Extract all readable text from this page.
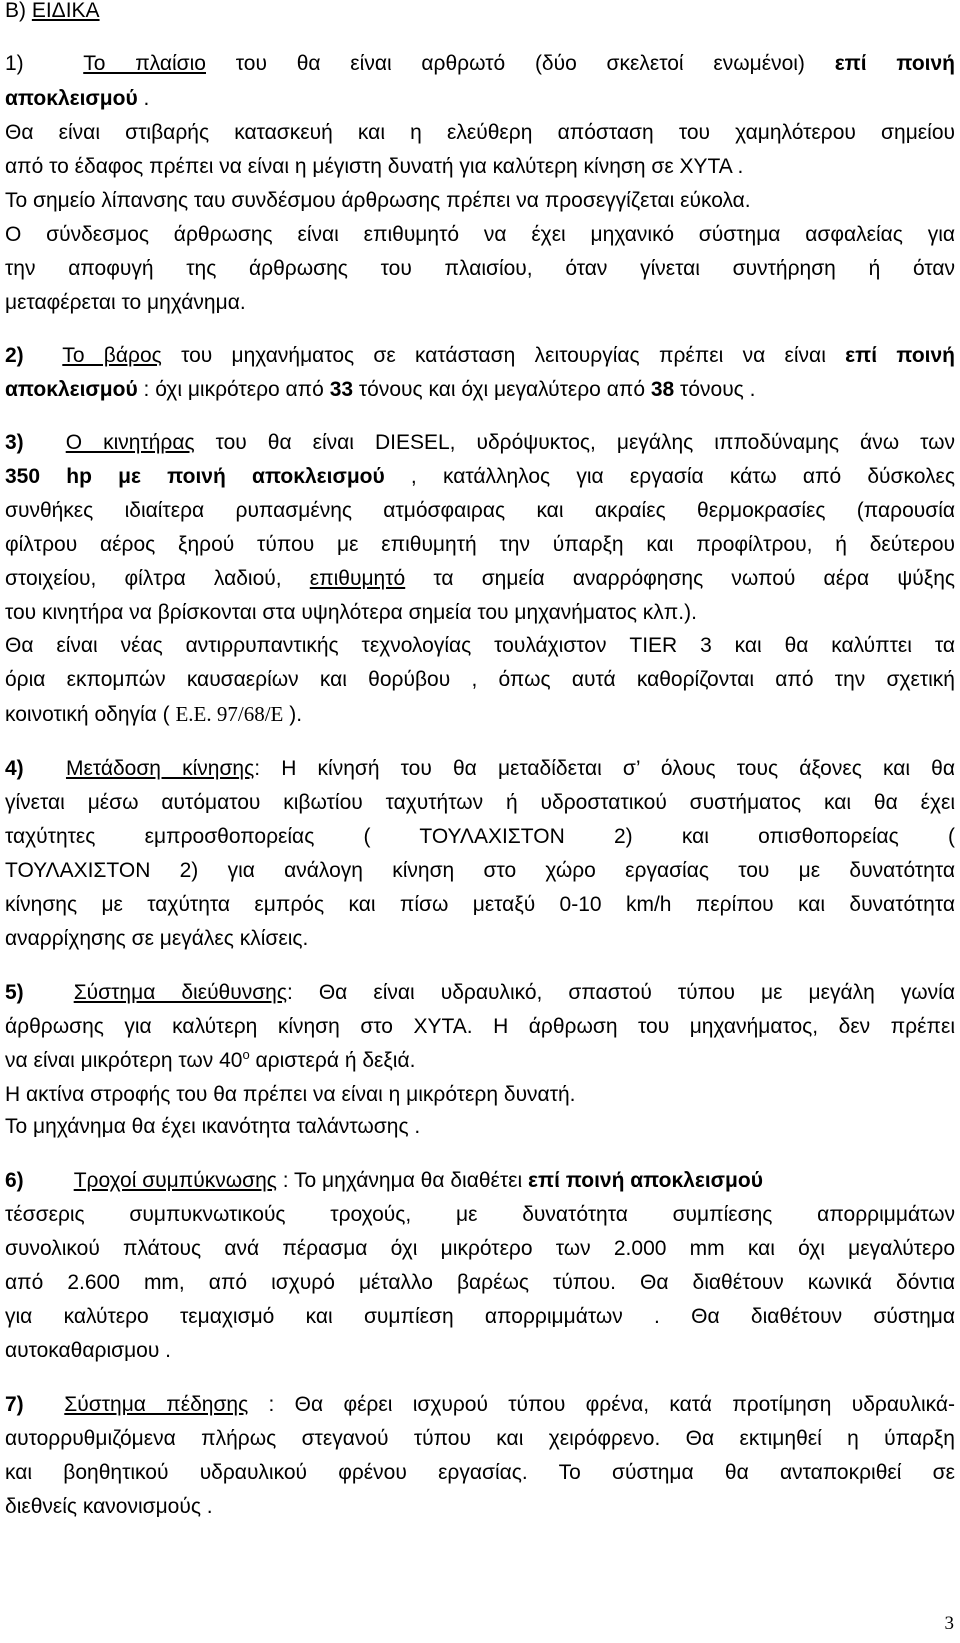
Β) ΕΙΔΙΚΑ
1)	Το πλαίσιο του θα είναι αρθρωτό (δύο σκελετοί ενωμένοι) επί ποινή
αποκλεισμού .
Θα είναι στιβαρής κατασκευή και η ελεύθερη απόσταση του χαμηλότερου σημείου
από το έδαφος πρέπει να είναι η μέγιστη δυνατή για καλύτερη κίνηση σε ΧΥΤΑ .
Το σημείο λίπανσης ταυ συνδέσμου άρθρωσης πρέπει να προσεγγίζεται εύκολα.
Ο σύνδεσμος άρθρωσης είναι επιθυμητό να έχει μηχανικό σύστημα ασφαλείας για
την αποφυγή της άρθρωσης του πλαισίου, όταν γίνεται συντήρηση ή όταν
μεταφέρεται το μηχάνημα.
2) Το βάρος του μηχανήματος σε κατάσταση λειτουργίας πρέπει να είναι επί ποινή
αποκλεισμού : όχι μικρότερο από 33 τόνους και όχι μεγαλύτερο από 38 τόνους .
3) Ο κινητήρας του θα είναι DIESEL, υδρόψυκτος, μεγάλης ιπποδύναμης άνω των
350 hp με ποινή αποκλεισμού , κατάλληλος για εργασία κάτω από δύσκολες
συνθήκες ιδιαίτερα ρυπασμένης ατμόσφαιρας και ακραίες θερμοκρασίες (παρουσία
φίλτρου αέρος ξηρού τύπου με επιθυμητή την ύπαρξη και προφίλτρου, ή δεύτερου
στοιχείου, φίλτρα λαδιού, επιθυμητό τα σημεία αναρρόφησης νωπού αέρα ψύξης
του κινητήρα να βρίσκονται στα υψηλότερα σημεία του μηχανήματος κλπ.).
Θα είναι νέας αντιρρυπαντικής τεχνολογίας τουλάχιστον TIER 3 και θα καλύπτει τα
όρια εκπομπών καυσαερίων και θορύβου , όπως αυτά καθορίζονται από την σχετική
κοινοτική οδηγία ( Ε.Ε. 97/68/Ε ).
4) Μετάδοση κίνησης: Η κίνησή του θα μεταδίδεται σ’ όλους τους άξονες και θα
γίνεται μέσω αυτόματου κιβωτίου ταχυτήτων ή υδροστατικού συστήματος και θα έχει
ταχύτητες εμπροσθοπορείας ( ΤΟΥΛΑΧΙΣΤΟΝ 2) και οπισθοπορείας (
ΤΟΥΛΑΧΙΣΤΟΝ 2) για ανάλογη κίνηση στο χώρο εργασίας του με δυνατότητα
κίνησης με ταχύτητα εμπρός και πίσω μεταξύ 0-10 km/h περίπου και δυνατότητα
αναρρίχησης σε μεγάλες κλίσεις.
5) Σύστημα διεύθυνσης: Θα είναι υδραυλικό, σπαστού τύπου με μεγάλη γωνία
άρθρωσης για καλύτερη κίνηση στο ΧΥΤΑ. Η άρθρωση του μηχανήματος, δεν πρέπει
να είναι μικρότερη των $40^o$ αριστερά ή δεξιά.
Η ακτίνα στροφής του θα πρέπει να είναι η μικρότερη δυνατή.
Το μηχάνημα θα έχει ικανότητα ταλάντωσης .
6) Τροχοί συμπύκνωσης : Το μηχάνημα θα διαθέτει επί ποινή αποκλεισμού
τέσσερις συμπυκνωτικούς τροχούς, με δυνατότητα συμπίεσης απορριμμάτων
συνολικού πλάτους ανά πέρασμα όχι μικρότερο των 2.000 mm και όχι μεγαλύτερο
από 2.600 mm, από ισχυρό μέταλλο βαρέως τύπου. Θα διαθέτουν κωνικά δόντια
για καλύτερο τεμαχισμό και συμπίεση απορριμμάτων . Θα διαθέτουν σύστημα
αυτοκαθαρισμου .
7) Σύστημα πέδησης : Θα φέρει ισχυρού τύπου φρένα, κατά προτίμηση υδραυλικά-
αυτορρυθμιζόμενα πλήρως στεγανού τύπου και χειρόφρενο. Θα εκτιμηθεί η ύπαρξη
και βοηθητικού υδραυλικού φρένου εργασίας. Το σύστημα θα ανταποκριθεί σε
διεθνείς κανονισμούς .
3
